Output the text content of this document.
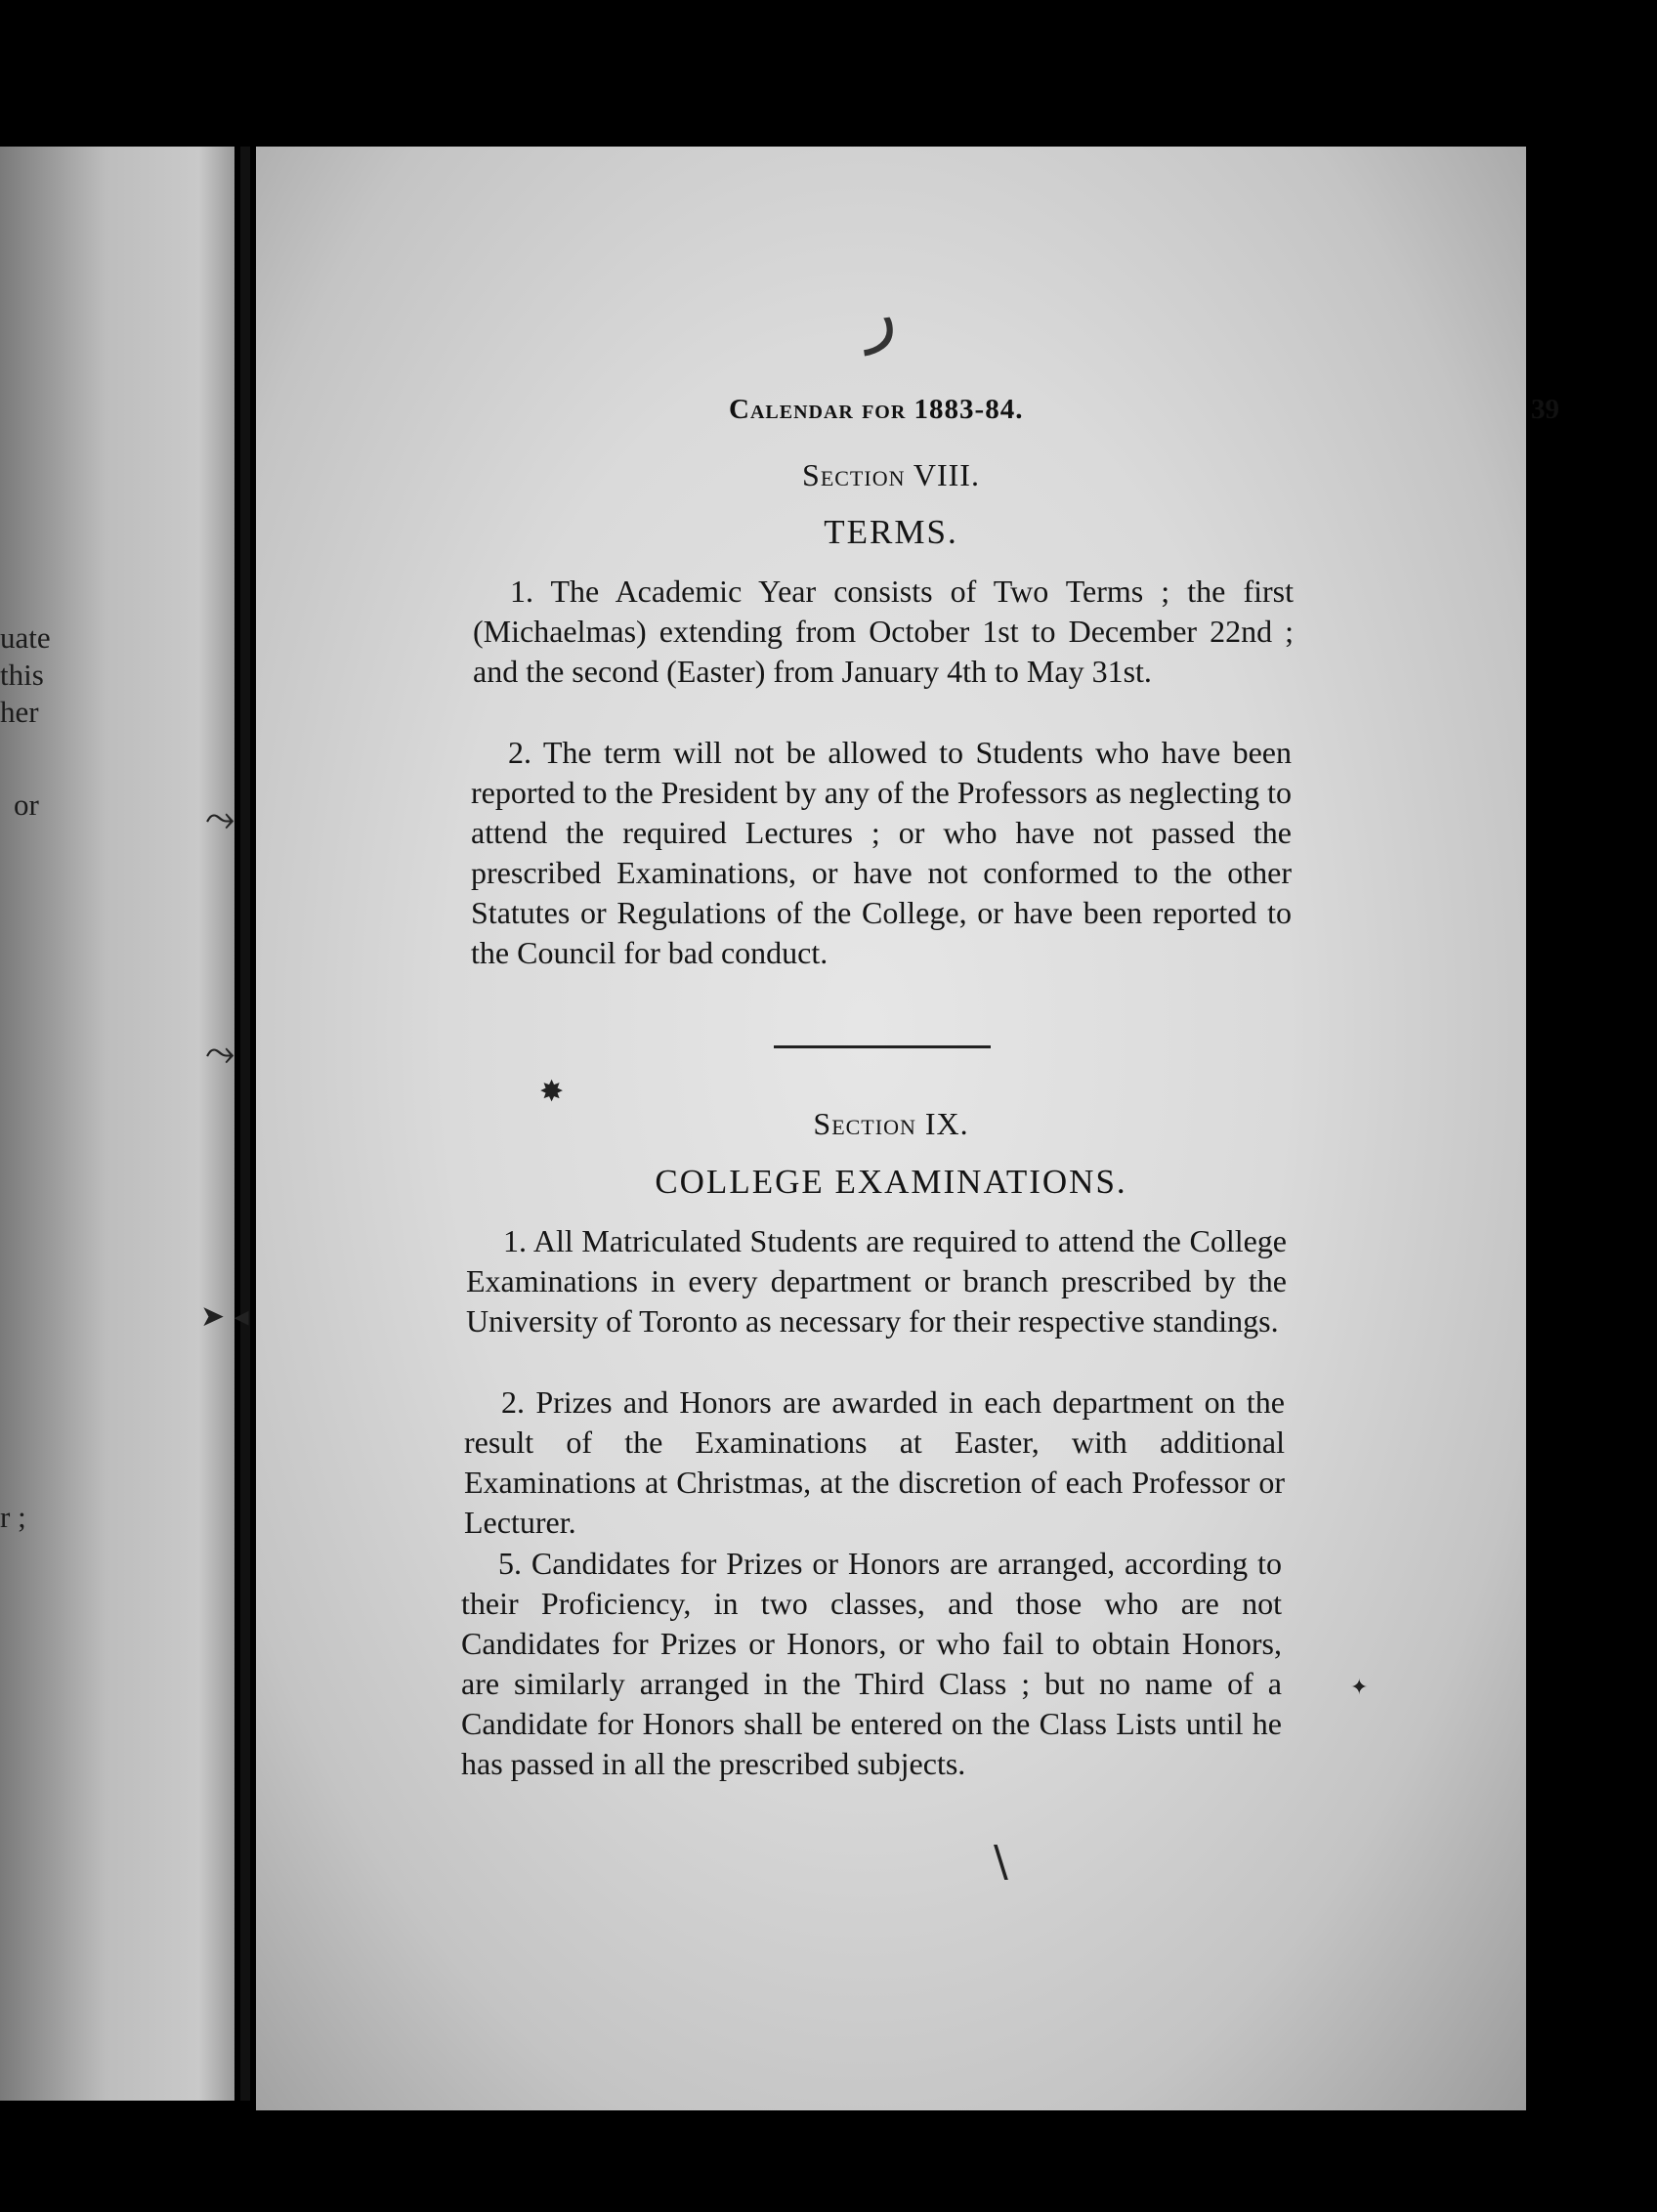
uate
this
her
or
r ;
⤳
⤳
➤ ◂
ر
✸
\
✦
Calendar for 1883-84.	39
Section VIII.
TERMS.
1. The Academic Year consists of Two Terms ; the first (Michaelmas) extending from October 1st to December 22nd ; and the second (Easter) from January 4th to May 31st.
2. The term will not be allowed to Students who have been reported to the President by any of the Professors as neglecting to attend the required Lectures ; or who have not passed the prescribed Examinations, or have not conformed to the other Statutes or Regulations of the College, or have been reported to the Council for bad conduct.
Section IX.
COLLEGE EXAMINATIONS.
1. All Matriculated Students are required to attend the College Examinations in every department or branch prescribed by the University of Toronto as necessary for their respective standings.
2. Prizes and Honors are awarded in each department on the result of the Examinations at Easter, with additional Examinations at Christmas, at the discretion of each Professor or Lecturer.
5. Candidates for Prizes or Honors are arranged, according to their Proficiency, in two classes, and those who are not Candidates for Prizes or Honors, or who fail to obtain Honors, are similarly arranged in the Third Class ; but no name of a Candidate for Honors shall be entered on the Class Lists until he has passed in all the prescribed subjects.
